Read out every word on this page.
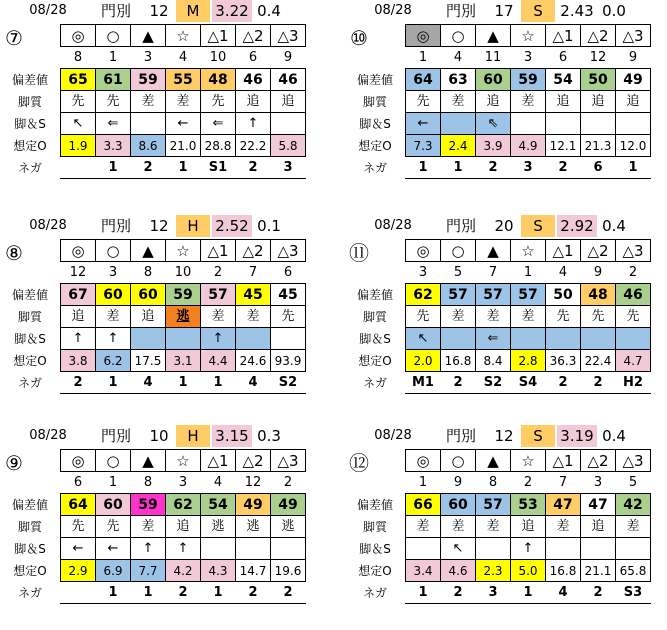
08/28	門別	12	M	3.22 0.4
⑦
偏差値
脚質
脚＆S
想定O
ネガ
◎	○	▲	☆	△1	△2	△3
8	1	3	4	10	6	9
65	61	59	55	48	46	46
先	先	差	差	先	追	追
↖	⇐		←	⇐	↑	
1.9	3.3	8.6	21.0	28.8	22.2	5.8
	1	2	1	S1	2	3
08/28	門別	17	S	2.43 0.0
⑩
偏差値
脚質
脚＆S
想定O
ネガ
◎	○	▲	☆	△1	△2	△3
1	4	11	3	6	12	9
64	63	60	59	54	50	49
先	差	追	差	追	追	追
←		⇖				
7.3	2.4	3.9	4.9	12.1	21.3	12.0
1	1	2	3	2	6	1
08/28	門別	12	H	2.52 0.1
⑧
偏差値
脚質
脚＆S
想定O
ネガ
◎	○	▲	☆	△1	△2	△3
12	3	8	10	2	7	6
67	60	60	59	57	45	45
追	差	追	逃	差	差	先
↑	↑			↑		
3.8	6.2	17.5	3.1	4.4	24.6	93.9
2	1	4	1	1	4	S2
08/28	門別	20	S	2.92 0.4
⑪
偏差値
脚質
脚＆S
想定O
ネガ
◎	○	▲	☆	△1	△2	△3
3	5	7	1	4	9	2
62	57	57	57	50	48	46
先	差	差	差	先	先	先
↖		⇐				
2.0	16.8	8.4	2.8	36.3	22.4	4.7
M1	2	S2	S4	2	2	H2
08/28	門別	10	H	3.15 0.3
⑨
偏差値
脚質
脚＆S
想定O
ネガ
◎	○	▲	☆	△1	△2	△3
6	1	8	3	4	12	2
64	60	59	62	54	49	49
先	先	差	追	逃	逃	逃
←	←	↑	↑			
2.9	6.9	7.7	4.2	4.3	14.7	19.6
	1	1	2	1	2	2
08/28	門別	12	S	3.19 0.4
⑫
偏差値
脚質
脚＆S
想定O
ネガ
◎	○	▲	☆	△1	△2	△3
1	9	8	2	7	3	5
66	60	57	53	47	47	42
差	差	差	追	差	追	差
	↖		↑			
3.4	4.6	2.3	5.0	16.8	21.1	65.8
1	2	3	1	4	2	S3
